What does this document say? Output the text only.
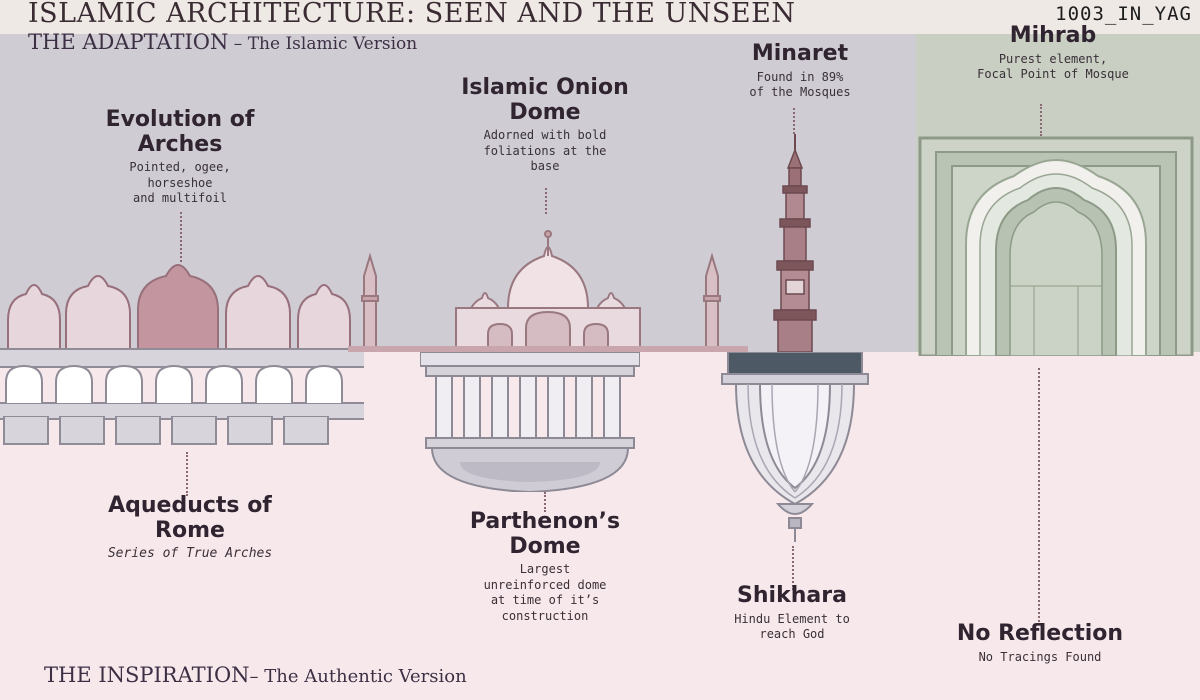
ISLAMIC ARCHITECTURE: SEEN AND THE UNSEEN	1003_IN_YAG
THE ADAPTATION – The Islamic Version
THE INSPIRATION– The Authentic Version
Evolution of
Arches
Pointed, ogee,
horseshoe
and multifoil
Aqueducts of
Rome
Series of True Arches
Islamic Onion
Dome
Adorned with bold
foliations at the
base
Parthenon’s
Dome
Largest
unreinforced dome
at time of it’s
construction
Minaret
Found in 89%
of the Mosques
Shikhara
Hindu Element to
reach God
Mihrab
Purest element,
Focal Point of Mosque
No Reflection
No Tracings Found
